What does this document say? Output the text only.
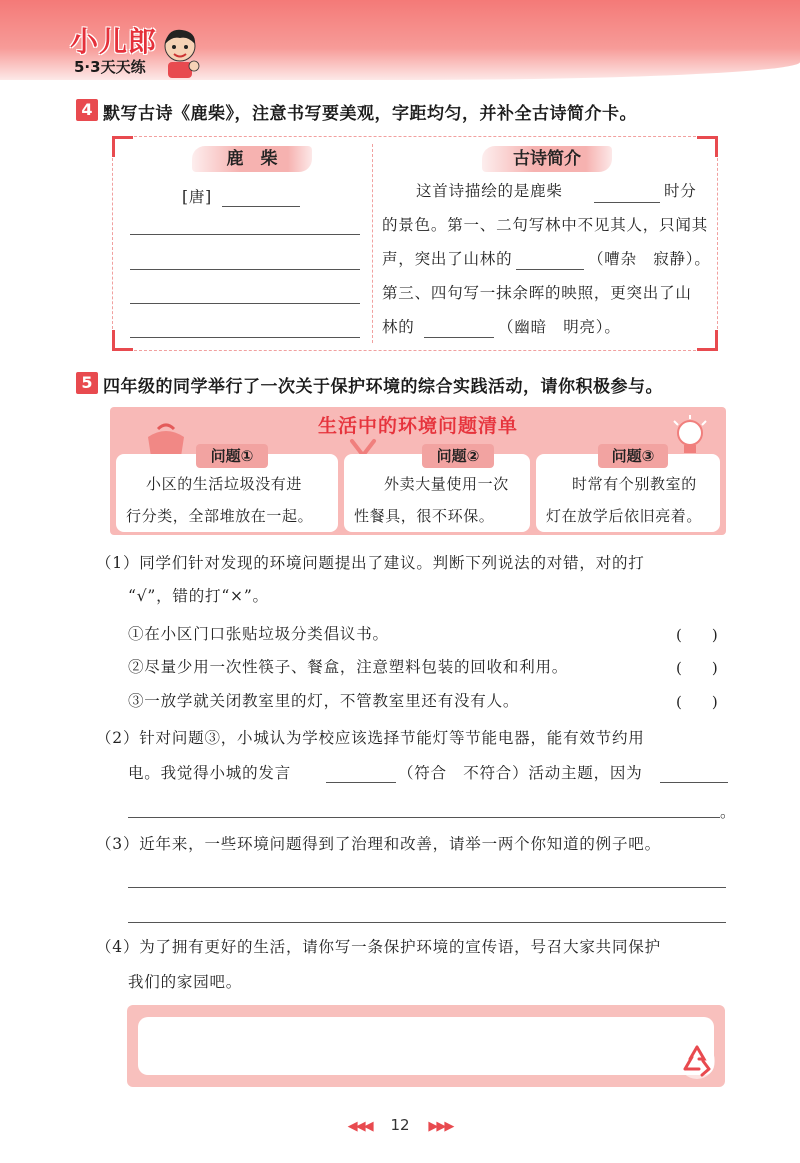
小儿郎
5·3天天练
4 默写古诗《鹿柴》，注意书写要美观，字距均匀，并补全古诗简介卡。
鹿　柴
[唐]
古诗简介
这首诗描绘的是鹿柴	时分
的景色。第一、二句写林中不见其人，只闻其
声，突出了山林的	（嘈杂　寂静）。
第三、四句写一抹余晖的映照，更突出了山
林的	（幽暗　明亮）。
5 四年级的同学举行了一次关于保护环境的综合实践活动，请你积极参与。
生活中的环境问题清单
问题①
小区的生活垃圾没有进
行分类，全部堆放在一起。
问题②
外卖大量使用一次
性餐具，很不环保。
问题③
时常有个别教室的
灯在放学后依旧亮着。
（1）同学们针对发现的环境问题提出了建议。判断下列说法的对错，对的打
“√”，错的打“×”。
①在小区门口张贴垃圾分类倡议书。	(　　)
②尽量少用一次性筷子、餐盒，注意塑料包装的回收和利用。	(　　)
③一放学就关闭教室里的灯，不管教室里还有没有人。	(　　)
（2）针对问题③，小城认为学校应该选择节能灯等节能电器，能有效节约用
电。我觉得小城的发言	（符合　不符合）活动主题，因为
。
（3）近年来，一些环境问题得到了治理和改善，请举一两个你知道的例子吧。
（4）为了拥有更好的生活，请你写一条保护环境的宣传语，号召大家共同保护
我们的家园吧。
◀◀◀ 12 ▶▶▶
